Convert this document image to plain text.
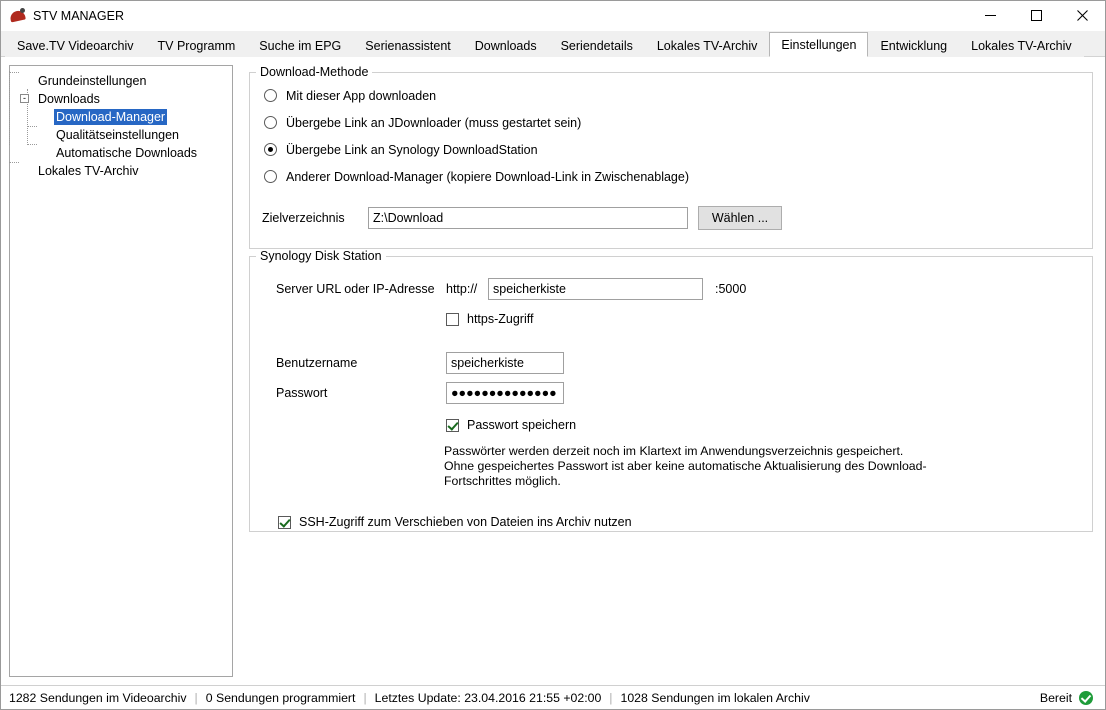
STV MANAGER
Save.TV Videoarchiv	TV Programm	Suche im EPG	Serienassistent	Downloads	Seriendetails	Lokales TV-Archiv	Einstellungen	Entwicklung	Lokales TV-Archiv
Grundeinstellungen
- Downloads
Download-Manager
Qualitätseinstellungen
Automatische Downloads
Lokales TV-Archiv
Download-Methode
Mit dieser App downloaden
Übergebe Link an JDownloader (muss gestartet sein)
Übergebe Link an Synology DownloadStation
Anderer Download-Manager (kopiere Download-Link in Zwischenablage)
Zielverzeichnis	Z:\Download	Wählen ...
Synology Disk Station
Server URL oder IP-Adresse http://	speicherkiste	:5000
https-Zugriff
Benutzername	speicherkiste
Passwort	●●●●●●●●●●●●●●
Passwort speichern
Passwörter werden derzeit noch im Klartext im Anwendungsverzeichnis gespeichert.
Ohne gespeichertes Passwort ist aber keine automatische Aktualisierung des Download-
Fortschrittes möglich.
SSH-Zugriff zum Verschieben von Dateien ins Archiv nutzen
1282 Sendungen im Videoarchiv | 0 Sendungen programmiert | Letztes Update: 23.04.2016 21:55 +02:00 | 1028 Sendungen im lokalen Archiv	Bereit
